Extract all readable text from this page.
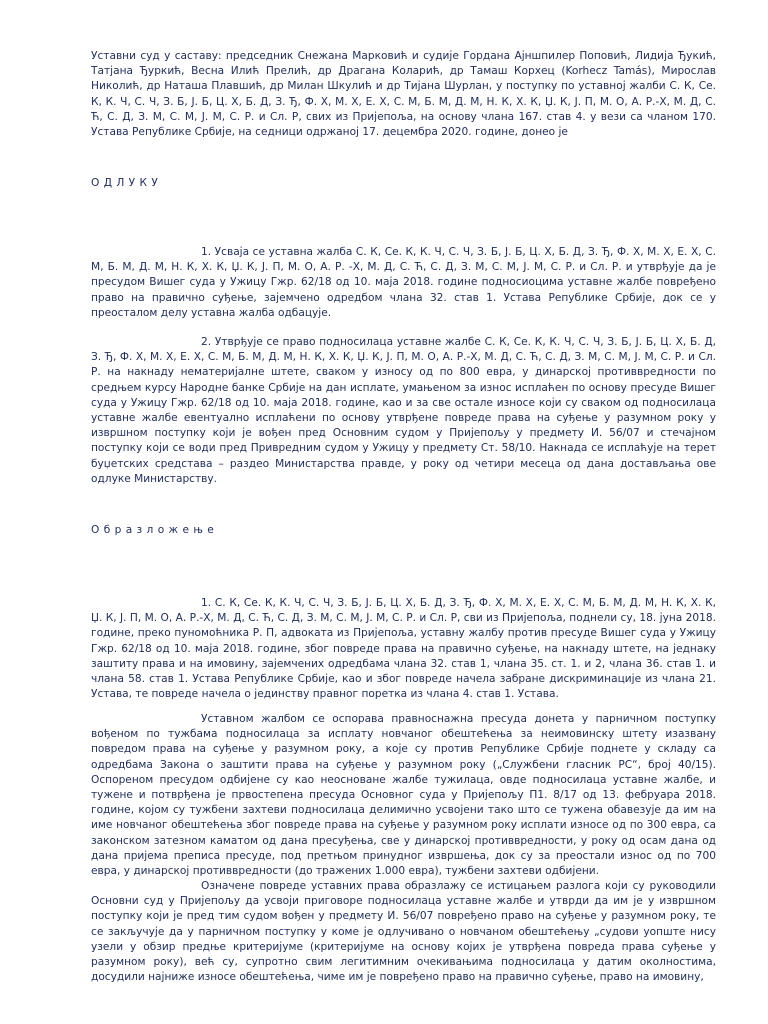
Уставни суд у саставу: председник Снежана Марковић и судије Гордана Ајншпилер Поповић, Лидија Ђукић, Татјана Ђуркић, Весна Илић Прелић, др Драгана Коларић, др Тамаш Корхец (Korhecz Tamás), Мирослав Николић, др Наташа Плавшић, др Милан Шкулић и др Тијана Шурлан, у поступку по уставној жалби С. К, Се. К, К. Ч, С. Ч, З. Б, Ј. Б, Ц. Х, Б. Д, З. Ђ, Ф. Х, М. Х, Е. Х, С. М, Б. М, Д. М, Н. К, Х. К, Џ. К, Ј. П, М. О, А. Р.-Х, М. Д, С. Ћ, С. Д, З. М, С. М, Ј. М, С. Р. и Сл. Р, свих из Пријепоља, на основу члана 167. став 4. у вези са чланом 170. Устава Републике Србије, на седници одржаној 17. децембра 2020. године, донео је

О Д Л У К У

1. Усваја се уставна жалба С. К, Се. К, К. Ч, С. Ч, З. Б, Ј. Б, Ц. Х, Б. Д, З. Ђ, Ф. Х, М. Х, Е. Х, С. М, Б. М, Д. М, Н. К, Х. К, Џ. К, Ј. П, М. О, А. Р. -Х, М. Д, С. Ћ, С. Д, З. М, С. М, Ј. М, С. Р. и Сл. Р. и утврђује да је пресудом Вишег суда у Ужицу Гжр. 62/18 од 10. маја 2018. године подносиоцима уставне жалбе повређено право на правично суђење, зајемчено одредбом члана 32. став 1. Устава Републике Србије, док се у преосталом делу уставна жалба одбацује.

2. Утврђује се право подносилаца уставне жалбе С. К, Се. К, К. Ч, С. Ч, З. Б, Ј. Б, Ц. Х, Б. Д, З. Ђ, Ф. Х, М. Х, Е. Х, С. М, Б. М, Д. М, Н. К, Х. К, Џ. К, Ј. П, М. О, А. Р.-Х, М. Д, С. Ћ, С. Д, З. М, С. М, Ј. М, С. Р. и Сл. Р. на накнаду нематеријалне штете, сваком у износу од по 800 евра, у динарској противвредности по средњем курсу Народне банке Србије на дан исплате, умањеном за износ исплаћен по основу пресуде Вишег суда у Ужицу Гжр. 62/18 од 10. маја 2018. године, као и за све остале износе који су сваком од подносилаца уставне жалбе евентуално исплаћени по основу утврђене повреде права на суђење у разумном року у извршном поступку који је вођен пред Основним судом у Пријепољу у предмету И. 56/07 и стечајном поступку који се води пред Привредним судом у Ужицу у предмету Ст. 58/10. Накнада се исплаћује на терет буџетских средстава – раздео Министарства правде, у року од четири месеца од дана достављања ове одлуке Министарству.

О б р а з л о ж е њ е

1. С. К, Се. К, К. Ч, С. Ч, З. Б, Ј. Б, Ц. Х, Б. Д, З. Ђ, Ф. Х, М. Х, Е. Х, С. М, Б. М, Д. М, Н. К, Х. К, Џ. К, Ј. П, М. О, А. Р.-Х, М. Д, С. Ћ, С. Д, З. М, С. М, Ј. М, С. Р. и Сл. Р, сви из Пријепоља, поднели су, 18. јуна 2018. године, преко пуномоћника Р. П, адвоката из Пријепоља, уставну жалбу против пресуде Вишег суда у Ужицу Гжр. 62/18 од 10. маја 2018. године, због повреде права на правично суђење, на накнаду штете, на једнаку заштиту права и на имовину, зајемчених одредбама члана 32. став 1, члана 35. ст. 1. и 2, члана 36. став 1. и члана 58. став 1. Устава Републике Србије, као и због повреде начела забране дискриминације из члана 21. Устава, те повреде начела о јединству правног поретка из члана 4. став 1. Устава.

Уставном жалбом се оспорава правноснажна пресуда донета у парничном поступку вођеном по тужбама подносилаца за исплату новчаног обештећења за неимовинску штету изазвану повредом права на суђење у разумном року, а које су против Републике Србије поднете у складу са одредбама Закона о заштити права на суђење у разумном року („Службени гласник РС“, број 40/15). Оспореном пресудом одбијене су као неосноване жалбе тужилаца, овде подносилаца уставне жалбе, и тужене и потврђена је првостепена пресуда Основног суда у Пријепољу П1. 8/17 од 13. фебруара 2018. године, којом су тужбени захтеви подносилаца делимично усвојени тако што се тужена обавезује да им на име новчаног обештећења због повреде права на суђење у разумном року исплати износе од по 300 евра, са законском затезном каматом од дана пресуђења, све у динарској противвредности, у року од осам дана од дана пријема преписа пресуде, под претњом принудног извршења, док су за преостали износ од по 700 евра, у динарској противвредности (до тражених 1.000 евра), тужбени захтеви одбијени.

Означене повреде уставних права образлажу се истицањем разлога који су руководили Основни суд у Пријепољу да усвоји приговоре подносилаца уставне жалбе и утврди да им је у извршном поступку који је пред тим судом вођен у предмету И. 56/07 повређено право на суђење у разумном року, те се закључује да у парничном поступку у коме је одлучивано о новчаном обештећењу „судови уопште нису узели у обзир предње критеријуме (критеријуме на основу којих је утврђена повреда права суђење у разумном року), већ су, супротно свим легитимним очекивањима подносилаца у датим околностима, досудили најниже износе обештећења, чиме им је повређено право на правично суђење, право на имовину,
